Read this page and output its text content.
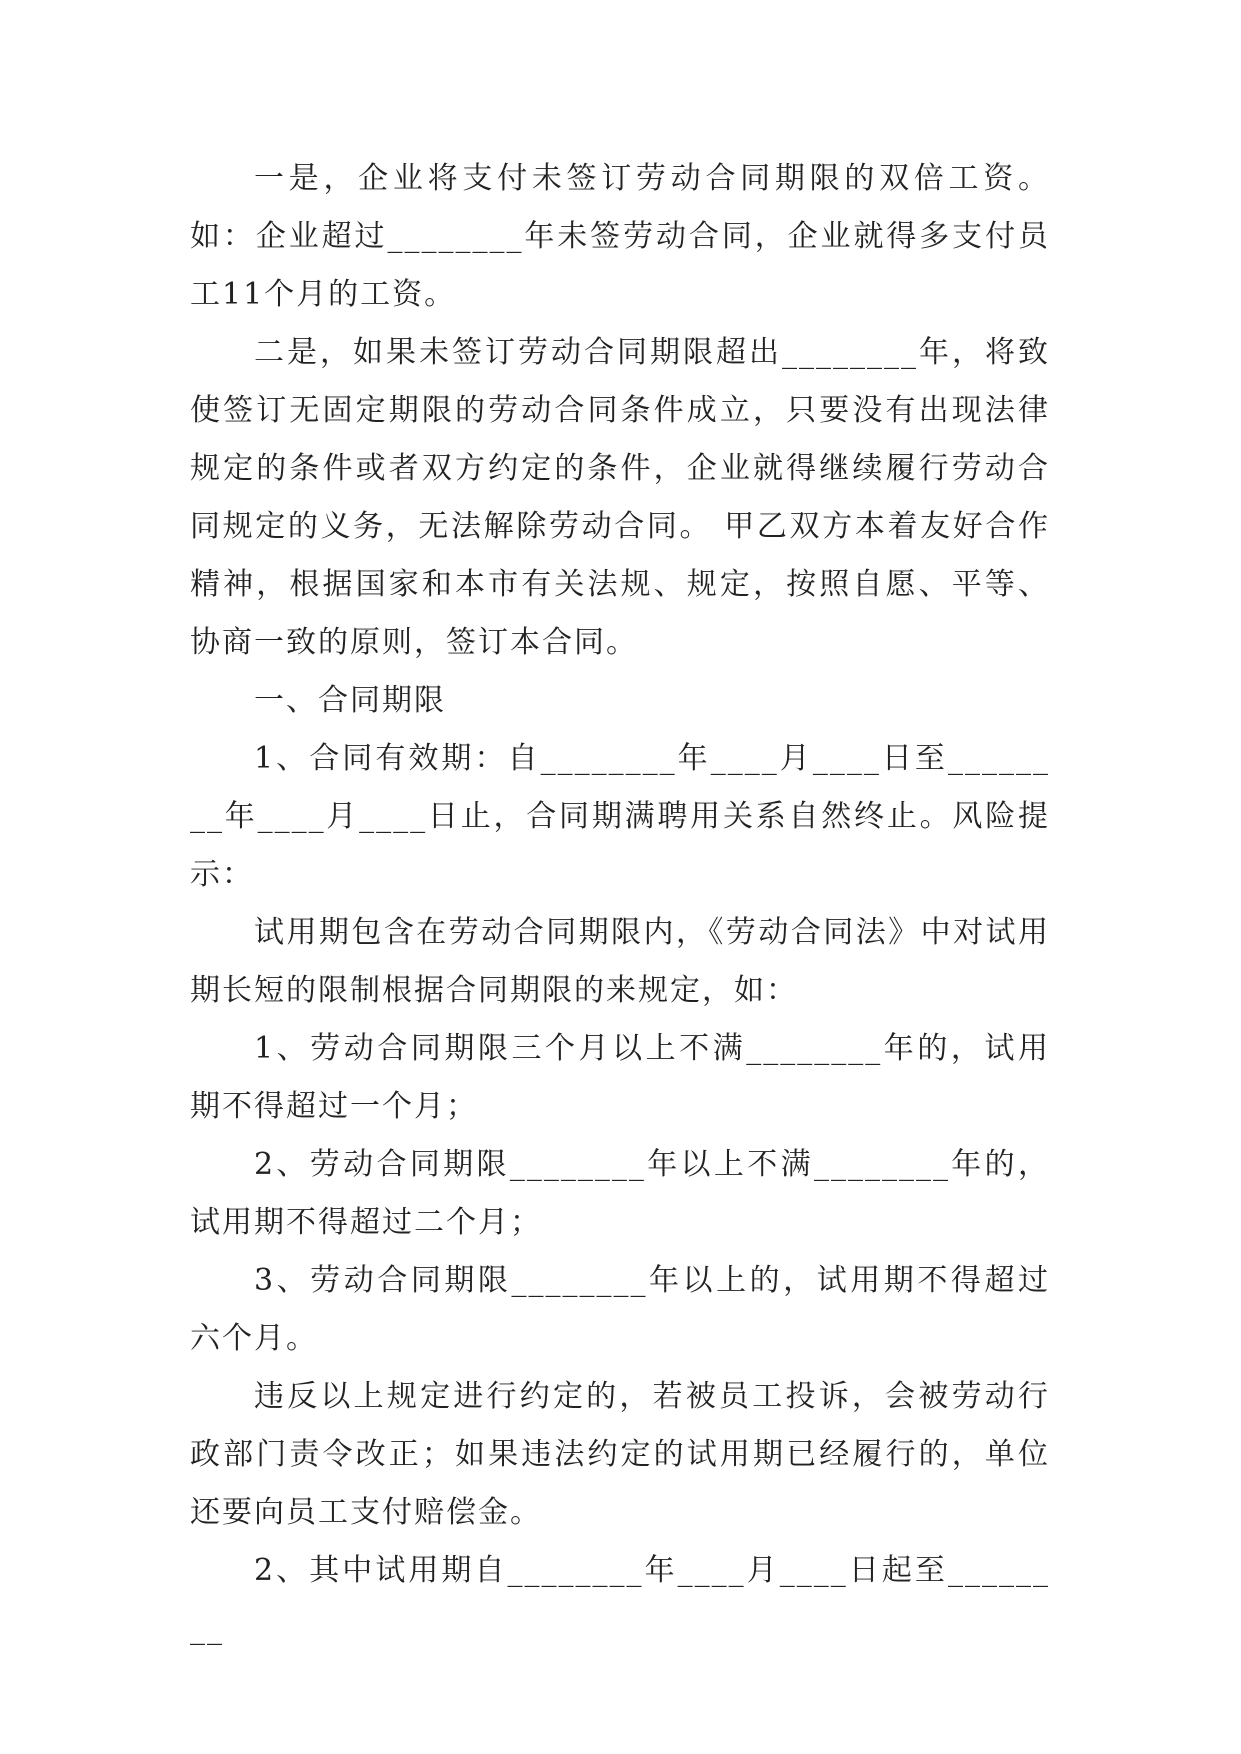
一是，企业将支付未签订劳动合同期限的双倍工资。如：企业超过________年未签劳动合同，企业就得多支付员工11个月的工资。

二是，如果未签订劳动合同期限超出________年，将致使签订无固定期限的劳动合同条件成立，只要没有出现法律规定的条件或者双方约定的条件，企业就得继续履行劳动合同规定的义务，无法解除劳动合同。 甲乙双方本着友好合作精神，根据国家和本市有关法规、规定，按照自愿、平等、协商一致的原则，签订本合同。

一、合同期限

1、合同有效期：自________年____月____日至________年____月____日止，合同期满聘用关系自然终止。风险提示：

试用期包含在劳动合同期限内，《劳动合同法》中对试用期长短的限制根据合同期限的来规定，如：

1、劳动合同期限三个月以上不满________年的，试用期不得超过一个月；

2、劳动合同期限________年以上不满________年的，试用期不得超过二个月；

3、劳动合同期限________年以上的，试用期不得超过六个月。

违反以上规定进行约定的，若被员工投诉，会被劳动行政部门责令改正；如果违法约定的试用期已经履行的，单位还要向员工支付赔偿金。

2、其中试用期自________年____月____日起至________
